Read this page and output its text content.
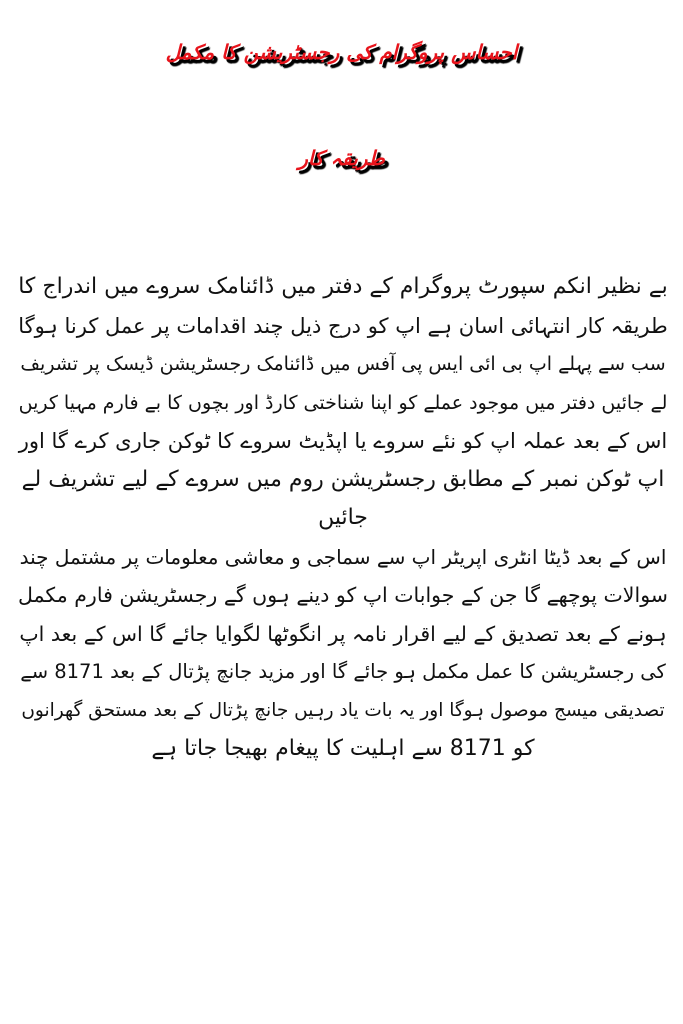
احساس پروگرام کی رجسٹریشن کا مکمل
طریقہ کار
بے نظیر انکم سپورٹ پروگرام کے دفتر میں ڈائنامک سروے میں اندراج کا
طریقہ کار انتہائی اسان ہے اپ کو درج ذیل چند اقدامات پر عمل کرنا ہوگا
سب سے پہلے اپ بی ائی ایس پی آفس میں ڈائنامک رجسٹریشن ڈیسک پر تشریف
لے جائیں دفتر میں موجود عملے کو اپنا شناختی کارڈ اور بچوں کا بے فارم مہیا کریں
اس کے بعد عملہ اپ کو نئے سروے یا اپڈیٹ سروے کا ٹوکن جاری کرے گا اور
اپ ٹوکن نمبر کے مطابق رجسٹریشن روم میں سروے کے لیے تشریف لے
جائیں
اس کے بعد ڈیٹا انٹری اپریٹر اپ سے سماجی و معاشی معلومات پر مشتمل چند
سوالات پوچھے گا جن کے جوابات اپ کو دینے ہوں گے رجسٹریشن فارم مکمل
ہونے کے بعد تصدیق کے لیے اقرار نامہ پر انگوٹھا لگوایا جائے گا اس کے بعد اپ
کی رجسٹریشن کا عمل مکمل ہو جائے گا اور مزید جانچ پڑتال کے بعد 8171 سے
تصدیقی میسج موصول ہوگا اور یہ بات یاد رہیں جانچ پڑتال کے بعد مستحق گھرانوں
کو 8171 سے اہلیت کا پیغام بھیجا جاتا ہے
